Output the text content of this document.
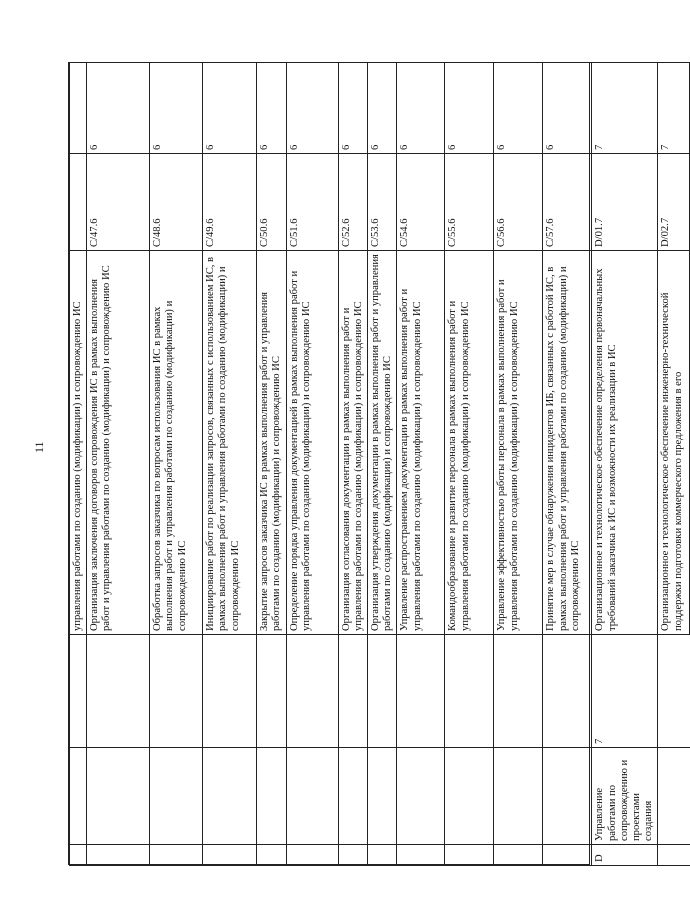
11
			управления работами по созданию (модификации) и сопровождению ИС		
			Организация заключения договоров сопровождения ИС в рамках выполнения работ и управления работами по созданию (модификации) и сопровождению ИС	C/47.6	6
			Обработка запросов заказчика по вопросам использования ИС в рамках выполнения работ и управления работами по созданию (модификации) и сопровождению ИС	C/48.6	6
			Инициирование работ по реализации запросов, связанных с использованием ИС, в рамках выполнения работ и управления работами по созданию (модификации) и сопровождению ИС	C/49.6	6
			Закрытие запросов заказчика ИС в рамках выполнения работ и управления работами по созданию (модификации) и сопровождению ИС	C/50.6	6
			Определение порядка управления документацией в рамках выполнения работ и управления работами по созданию (модификации) и сопровождению ИС	C/51.6	6
			Организация согласования документации в рамках выполнения работ и управления работами по созданию (модификации) и сопровождению ИС	C/52.6	6
			Организация утверждения документации в рамках выполнения работ и управления работами по созданию (модификации) и сопровождению ИС	C/53.6	6
			Управление распространением документации в рамках выполнения работ и управления работами по созданию (модификации) и сопровождению ИС	C/54.6	6
			Командообразование и развитие персонала в рамках выполнения работ и управления работами по созданию (модификации) и сопровождению ИС	C/55.6	6
			Управление эффективностью работы персонала в рамках выполнения работ и управления работами по созданию (модификации) и сопровождению ИС	C/56.6	6
			Принятие мер в случае обнаружения инцидентов ИБ, связанных с работой ИС, в рамках выполнения работ и управления работами по созданию (модификации) и сопровождению ИС	C/57.6	6
D	Управление работами по сопровождению и проектами создания	7	Организационное и технологическое обеспечение определения первоначальных требований заказчика к ИС и возможности их реализации в ИС	D/01.7	7
			Организационное и технологическое обеспечение инженерно-технической поддержки подготовки коммерческого предложения в его	D/02.7	7
